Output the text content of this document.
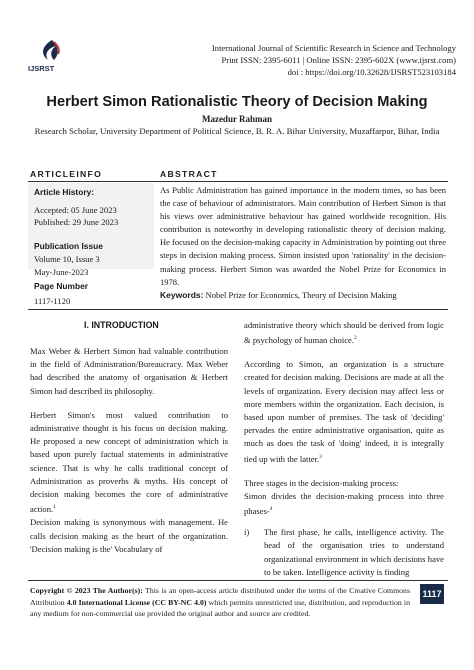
IJSRST
International Journal of Scientific Research in Science and Technology
Print ISSN: 2395-6011 | Online ISSN: 2395-602X (www.ijsrst.com)
doi : https://doi.org/10.32628/IJSRST523103184
Herbert Simon Rationalistic Theory of Decision Making
Mazedur Rahman
Research Scholar, University Department of Political Science, B. R. A. Bihar University, Muzaffarpur, Bihar, India
ARTICLEINFO	ABSTRACT
Article History:
Accepted: 05 June 2023
Published: 29 June 2023
Publication Issue
Volume 10, Issue 3
May-June-2023
Page Number
1117-1120
As Public Administration has gained importance in the modern times, so has been the case of behaviour of administrators. Main contribution of Herbert Simon is that his views over administrative behaviour has gained worldwide recognition. His contribution is noteworthy in developing rationalistic theory of decision making. He focused on the decision-making capacity in Administration by pointing out three steps in decision making process. Simon insisted upon 'rationality' in the decision-making process. Herbert Simon was awarded the Nobel Prize for Economics in 1978.
Keywords: Nobel Prize for Economics, Theory of Decision Making
I. INTRODUCTION

Max Weber & Herbert Simon had valuable contribution in the field of Administration/Bureaucracy. Max Weber had described the anatomy of organisation & Herbert Simon had described its philosophy.

Herbert Simon's most valued contribution to administrative thought is his focus on decision making. He proposed a new concept of administration which is based upon purely factual statements in administrative science. That is why he calls traditional concept of Administration as proverbs & myths. His concept of decision making becomes the core of administrative action.$^1$

Decision making is synonymous with management. He calls decision making as the heart of the organization. 'Decision making is the' Vocabulary of

administrative theory which should be derived from logic & psychology of human choice.$^2$

According to Simon, an organization is a structure created for decision making. Decisions are made at all the levels of organization. Every decision may affect less or more members within the organization. Each decision, is based upon number of premises. The task of 'deciding' pervades the entire administrative organisation, quite as much as does the task of 'doing' indeed, it is integrally tied up with the latter.$^3$

Three stages in the decision-making process:

Simon divides the decision-making process into three phases-$^4$

i)	The first phase, he calls, intelligence activity. The head of the organisation tries to understand organizational environment in which decisions have to be taken. Intelligence activity is finding
Copyright © 2023 The Author(s): This is an open-access article distributed under the terms of the Creative Commons Attribution 4.0 International License (CC BY-NC 4.0) which permits unrestricted use, distribution, and reproduction in any medium for non-commercial use provided the original author and source are credited.
1117
